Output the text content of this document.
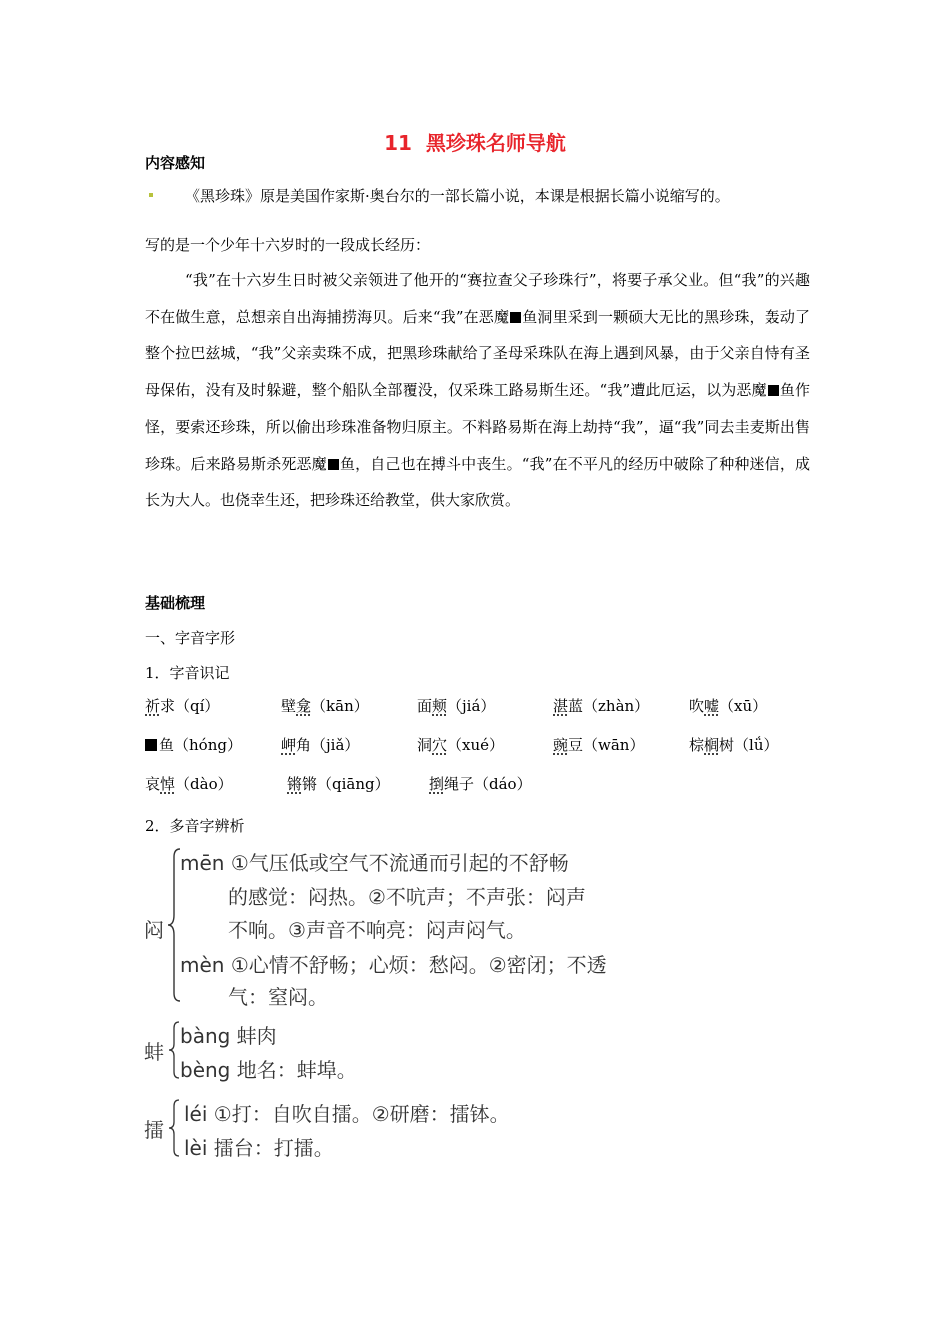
11 黑珍珠名师导航
内容感知
《黑珍珠》原是美国作家斯·奥台尔的一部长篇小说，本课是根据长篇小说缩写的。
写的是一个少年十六岁时的一段成长经历：
“我”在十六岁生日时被父亲领进了他开的“赛拉查父子珍珠行”，将要子承父业。但“我”的兴趣不在做生意，总想亲自出海捕捞海贝。后来“我”在恶魔 鱼洞里采到一颗硕大无比的黑珍珠，轰动了整个拉巴兹城，“我”父亲卖珠不成，把黑珍珠献给了圣母采珠队在海上遇到风暴，由于父亲自恃有圣母保佑，没有及时躲避，整个船队全部覆没，仅采珠工路易斯生还。“我”遭此厄运，以为恶魔 鱼作怪，要索还珍珠，所以偷出珍珠准备物归原主。不料路易斯在海上劫持“我”，逼“我”同去圭麦斯出售珍珠。后来路易斯杀死恶魔 鱼，自己也在搏斗中丧生。“我”在不平凡的经历中破除了种种迷信，成长为大人。也侥幸生还，把珍珠还给教堂，供大家欣赏。
基础梳理
一、字音字形
1．字音识记
祈求（qí）	壁龛（kān）	面颊（jiá）	湛蓝（zhàn）	吹嘘（xū）
鱼（hóng）	岬角（jiǎ）	洞穴（xué）	豌豆（wān）	棕榈树（lǘ）
哀悼（dào）	锵锵（qiāng）	捯绳子（dáo）
2．多音字辨析
闷
mēn ①气压低或空气不流通而引起的不舒畅
的感觉：闷热。②不吭声；不声张：闷声
不响。③声音不响亮：闷声闷气。
mèn ①心情不舒畅；心烦：愁闷。②密闭；不透
气：窒闷。
蚌
bàng 蚌肉
bèng 地名：蚌埠。
擂
léi ①打：自吹自擂。②研磨：擂钵。
lèi 擂台：打擂。
